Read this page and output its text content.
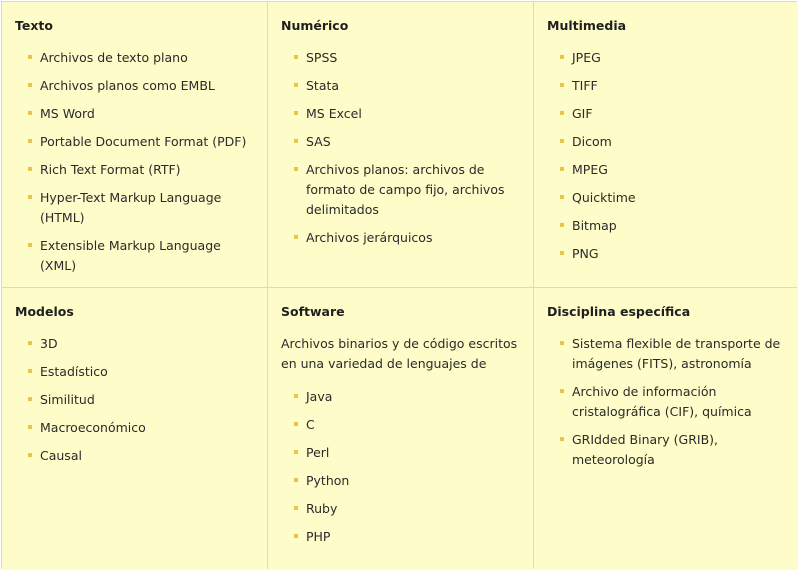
Texto
Archivos de texto plano
Archivos planos como EMBL
MS Word
Portable Document Format (PDF)
Rich Text Format (RTF)
Hyper-Text Markup Language (HTML)
Extensible Markup Language (XML)
Numérico
SPSS
Stata
MS Excel
SAS
Archivos planos: archivos de formato de campo fijo, archivos delimitados
Archivos jerárquicos
Multimedia
JPEG
TIFF
GIF
Dicom
MPEG
Quicktime
Bitmap
PNG
Modelos
3D
Estadístico
Similitud
Macroeconómico
Causal
Software

Archivos binarios y de código escritos en una variedad de lenguajes de

Java
C
Perl
Python
Ruby
PHP
Disciplina específica
Sistema flexible de transporte de imágenes (FITS), astronomía
Archivo de información cristalográfica (CIF), química
GRIdded Binary (GRIB), meteorología
